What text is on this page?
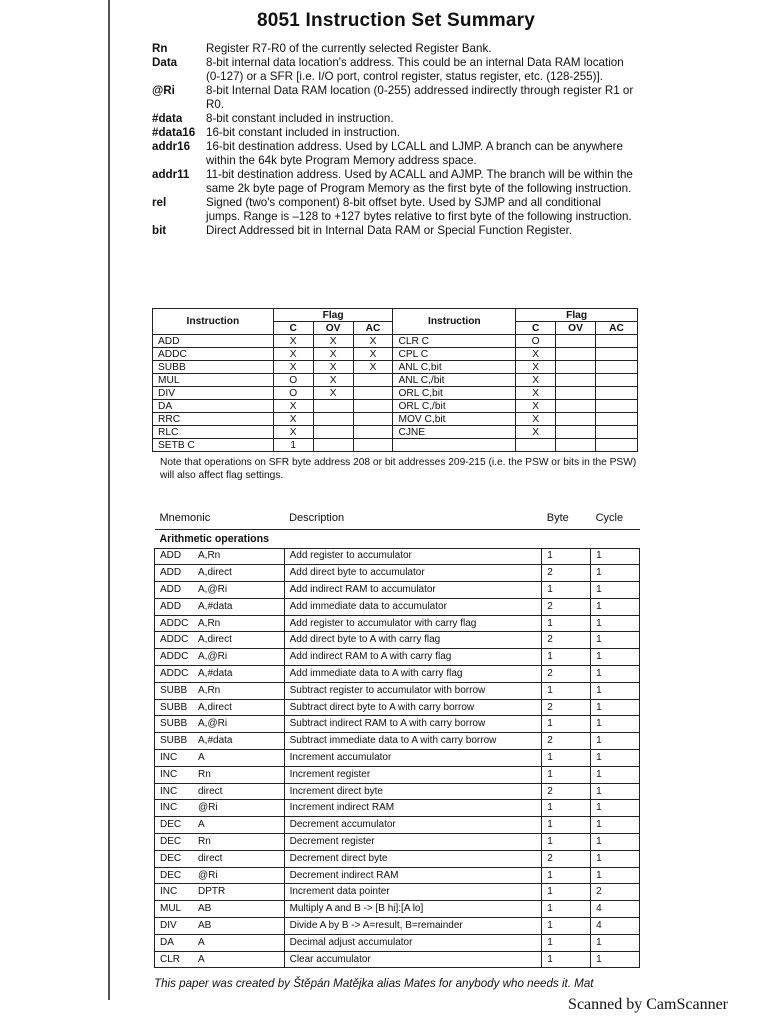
8051 Instruction Set Summary
Rn	Register R7-R0 of the currently selected Register Bank.
Data	8-bit internal data location's address. This could be an internal Data RAM location (0-127) or a SFR [i.e. I/O port, control register, status register, etc. (128-255)].
@Ri	8-bit Internal Data RAM location (0-255) addressed indirectly through register R1 or R0.
#data	8-bit constant included in instruction.
#data16 16-bit constant included in instruction.
addr16	16-bit destination address. Used by LCALL and LJMP. A branch can be anywhere within the 64k byte Program Memory address space.
addr11	11-bit destination address. Used by ACALL and AJMP. The branch will be within the same 2k byte page of Program Memory as the first byte of the following instruction.
rel	Signed (two's component) 8-bit offset byte. Used by SJMP and all conditional jumps. Range is –128 to +127 bytes relative to first byte of the following instruction.
bit	Direct Addressed bit in Internal Data RAM or Special Function Register.
Instruction	Flag			Instruction	Flag		
	C	OV	AC		C	OV	AC
ADD	X	X	X	CLR C	O		
ADDC	X	X	X	CPL C	X		
SUBB	X	X	X	ANL C,bit	X		
MUL	O	X		ANL C,/bit	X		
DIV	O	X		ORL C,bit	X		
DA	X			ORL C,/bit	X		
RRC	X			MOV C,bit	X		
RLC	X			CJNE	X		
SETB C	1						
Note that operations on SFR byte address 208 or bit addresses 209-215 (i.e. the PSW or bits in the PSW) will also affect flag settings.
Mnemonic	Description	Byte	Cycle
Arithmetic operations			
ADD A,Rn	Add register to accumulator	1	1
ADD A,direct	Add direct byte to accumulator	2	1
ADD A,@Ri	Add indirect RAM to accumulator	1	1
ADD A,#data	Add immediate data to accumulator	2	1
ADDC A,Rn	Add register to accumulator with carry flag	1	1
ADDC A,direct	Add direct byte to A with carry flag	2	1
ADDC A,@Ri	Add indirect RAM to A with carry flag	1	1
ADDC A,#data	Add immediate data to A with carry flag	2	1
SUBB A,Rn	Subtract register to accumulator with borrow	1	1
SUBB A,direct	Subtract direct byte to A with carry borrow	2	1
SUBB A,@Ri	Subtract indirect RAM to A with carry borrow	1	1
SUBB A,#data	Subtract immediate data to A with carry borrow	2	1
INC A	Increment accumulator	1	1
INC Rn	Increment register	1	1
INC direct	Increment direct byte	2	1
INC @Ri	Increment indirect RAM	1	1
DEC A	Decrement accumulator	1	1
DEC Rn	Decrement register	1	1
DEC direct	Decrement direct byte	2	1
DEC @Ri	Decrement indirect RAM	1	1
INC DPTR	Increment data pointer	1	2
MUL AB	Multiply A and B -> [B hi]:[A lo]	1	4
DIV AB	Divide A by B -> A=result, B=remainder	1	4
DA A	Decimal adjust accumulator	1	1
CLR A	Clear accumulator	1	1
This paper was created by Štěpán Matějka alias Mates for anybody who needs it. Mat
Scanned by CamScanner
